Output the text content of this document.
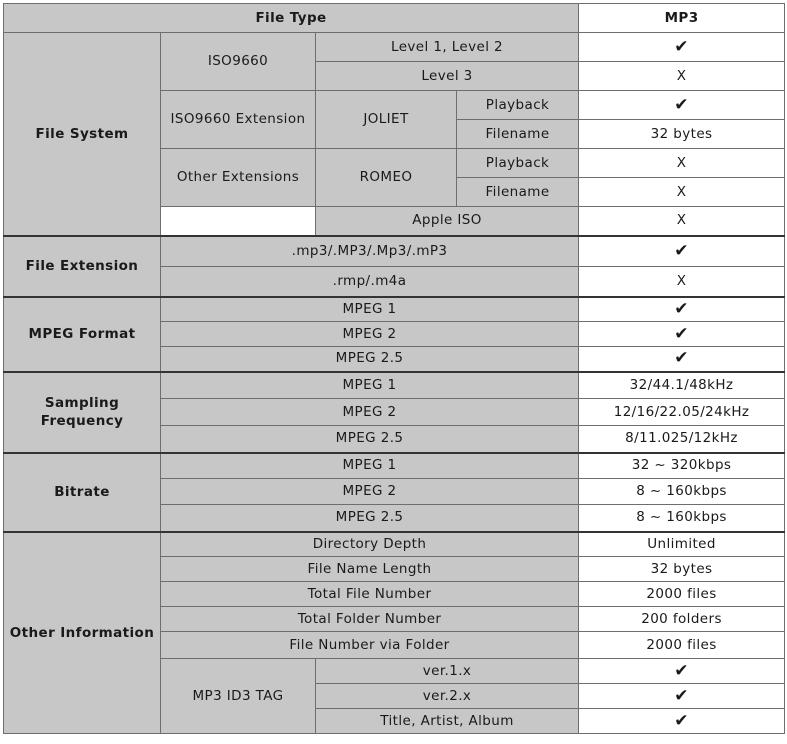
File Type				MP3
File System	ISO9660	Level 1, Level 2		✔
		Level 3		X
	ISO9660 Extension	JOLIET	Playback	✔
			Filename	32 bytes
	Other Extensions	ROMEO	Playback	X
			Filename	X
		Apple ISO		X
File Extension	.mp3/.MP3/.Mp3/.mP3			✔
	.rmp/.m4a			X
MPEG Format	MPEG 1			✔
	MPEG 2			✔
	MPEG 2.5			✔
Sampling Frequency	MPEG 1			32/44.1/48kHz
	MPEG 2			12/16/22.05/24kHz
	MPEG 2.5			8/11.025/12kHz
Bitrate	MPEG 1			32 ~ 320kbps
	MPEG 2			8 ~ 160kbps
	MPEG 2.5			8 ~ 160kbps
Other Information	Directory Depth			Unlimited
	File Name Length			32 bytes
	Total File Number			2000 files
	Total Folder Number			200 folders
	File Number via Folder			2000 files
	MP3 ID3 TAG	ver.1.x		✔
		ver.2.x		✔
		Title, Artist, Album		✔
